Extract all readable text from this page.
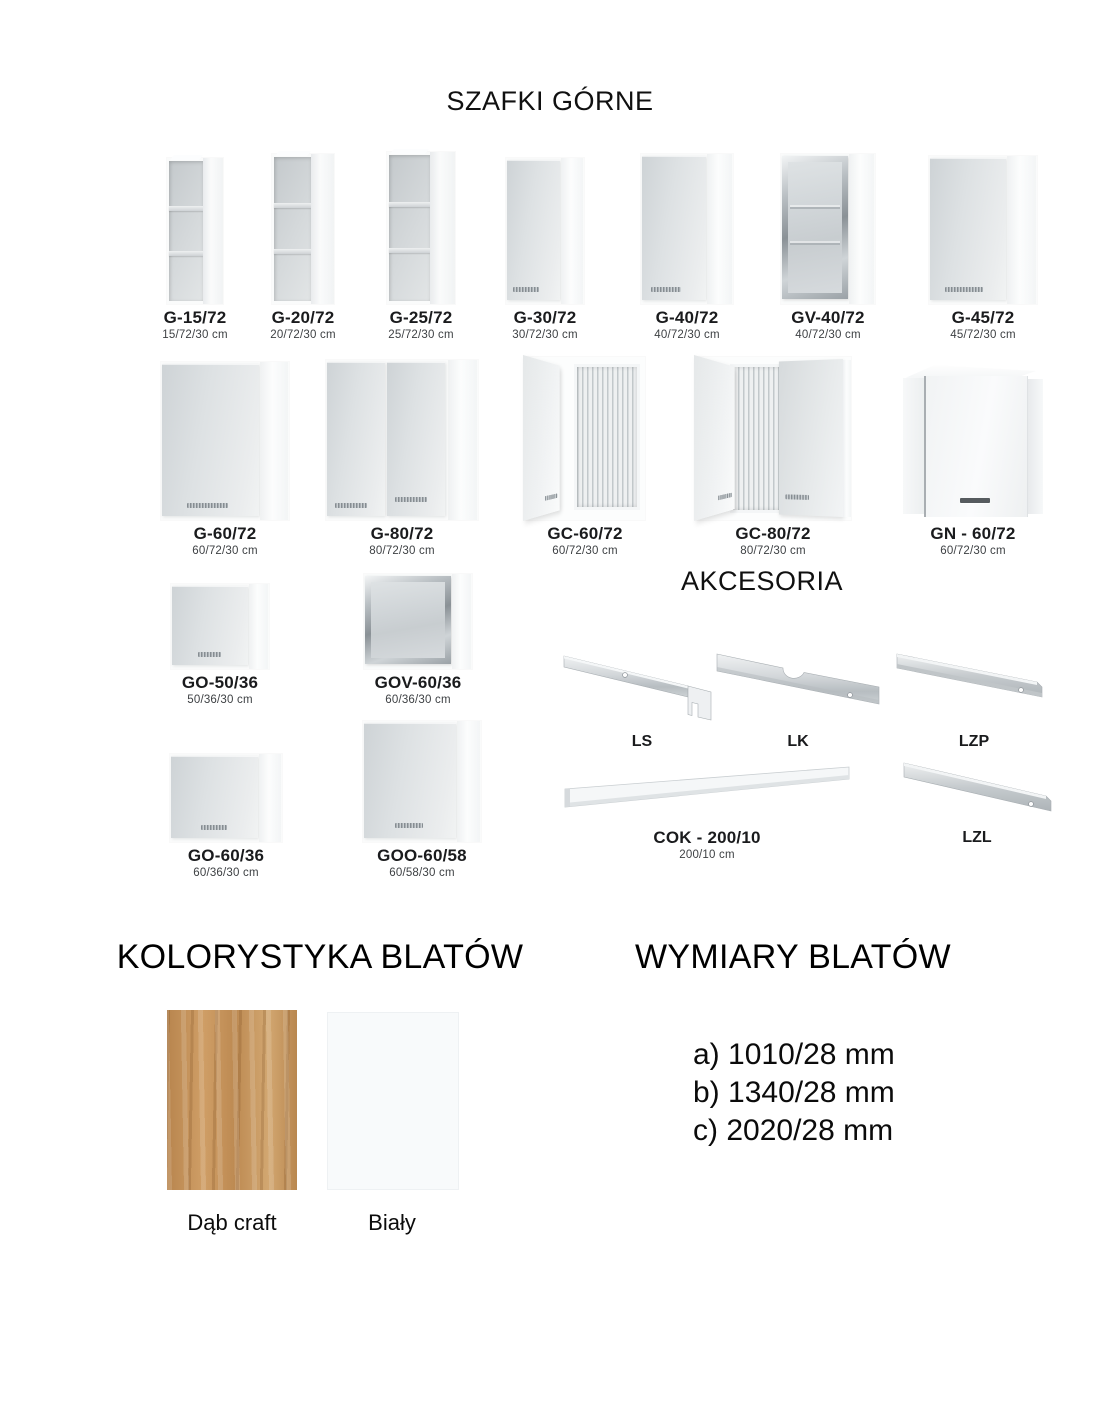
SZAFKI GÓRNE
G-15/72
15/72/30 cm
G-20/72
20/72/30 cm
G-25/72
25/72/30 cm
G-30/72
30/72/30 cm
G-40/72
40/72/30 cm
GV-40/72
40/72/30 cm
G-45/72
45/72/30 cm
G-60/72
60/72/30 cm
G-80/72
80/72/30 cm
GC-60/72
60/72/30 cm
GC-80/72
80/72/30 cm
GN - 60/72
60/72/30 cm
GO-50/36
50/36/30 cm
GOV-60/36
60/36/30 cm
GO-60/36
60/36/30 cm
GOO-60/58
60/58/30 cm
AKCESORIA
LS	LK	LZP
COK - 200/10
200/10 cm
LZL
KOLORYSTYKA BLATÓW	WYMIARY BLATÓW
Dąb craft	Biały
a) 1010/28 mm
b) 1340/28 mm
c) 2020/28 mm
